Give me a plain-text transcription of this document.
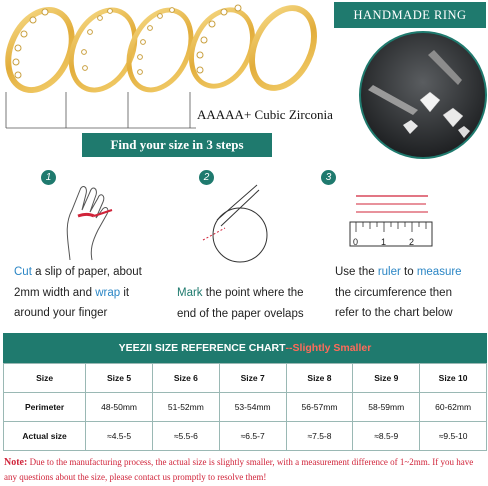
HANDMADE RING
AAAAA+ Cubic Zirconia
Find your size in 3 steps
1	2	3
0	1	2
Cut a slip of paper, about 2mm width and wrap it around your finger
Mark the point where the end of the paper ovelaps
Use the ruler to measure the circumference then refer to the chart below
YEEZII SIZE REFERENCE CHART -- Slightly Smaller
Size	Size 5	Size 6	Size 7	Size 8	Size 9	Size 10
Perimeter	48-50mm	51-52mm	53-54mm	56-57mm	58-59mm	60-62mm
Actual size	≈4.5-5	≈5.5-6	≈6.5-7	≈7.5-8	≈8.5-9	≈9.5-10
Note: Due to the manufacturing process, the actual size is slightly smaller, with a measurement difference of 1~2mm. If you have any questions about the size, please contact us promptly to resolve them!
